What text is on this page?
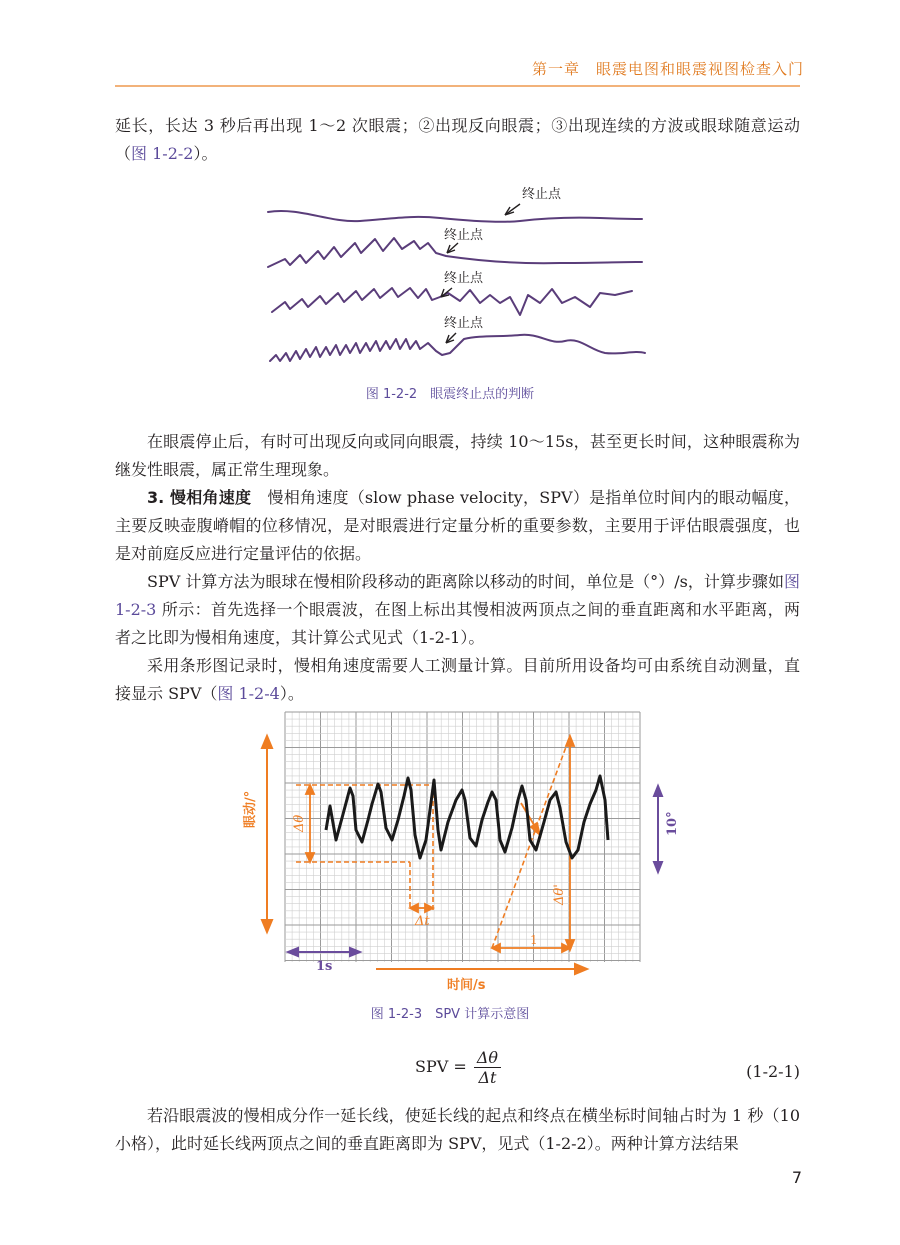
第一章　眼震电图和眼震视图检查入门

延长，长达 3 秒后再出现 1～2 次眼震；②出现反向眼震；③出现连续的方波或眼球随意运动（图 1-2-2）。

终止点
终止点
终止点
终止点
图 1-2-2　眼震终止点的判断

在眼震停止后，有时可出现反向或同向眼震，持续 10～15s，甚至更长时间，这种眼震称为继发性眼震，属正常生理现象。

3. 慢相角速度　 慢相角速度（slow phase velocity，SPV）是指单位时间内的眼动幅度，主要反映壶腹嵴帽的位移情况，是对眼震进行定量分析的重要参数，主要用于评估眼震强度，也是对前庭反应进行定量评估的依据。

SPV 计算方法为眼球在慢相阶段移动的距离除以移动的时间，单位是（°）/s，计算步骤如图 1-2-3 所示：首先选择一个眼震波，在图上标出其慢相波两顶点之间的垂直距离和水平距离，两者之比即为慢相角速度，其计算公式见式（1-2-1）。

采用条形图记录时，慢相角速度需要人工测量计算。目前所用设备均可由系统自动测量，直接显示 SPV（图 1-2-4）。

眼动/°	Δθ
Δt
Δθ'
1
10°
1s
时间/s
图 1-2-3　SPV 计算示意图
SPV = $\frac{\Delta\theta}{\Delta t}$	(1-2-1)

若沿眼震波的慢相成分作一延长线，使延长线的起点和终点在横坐标时间轴占时为 1 秒（10 小格），此时延长线两顶点之间的垂直距离即为 SPV，见式（1-2-2）。两种计算方法结果

7
